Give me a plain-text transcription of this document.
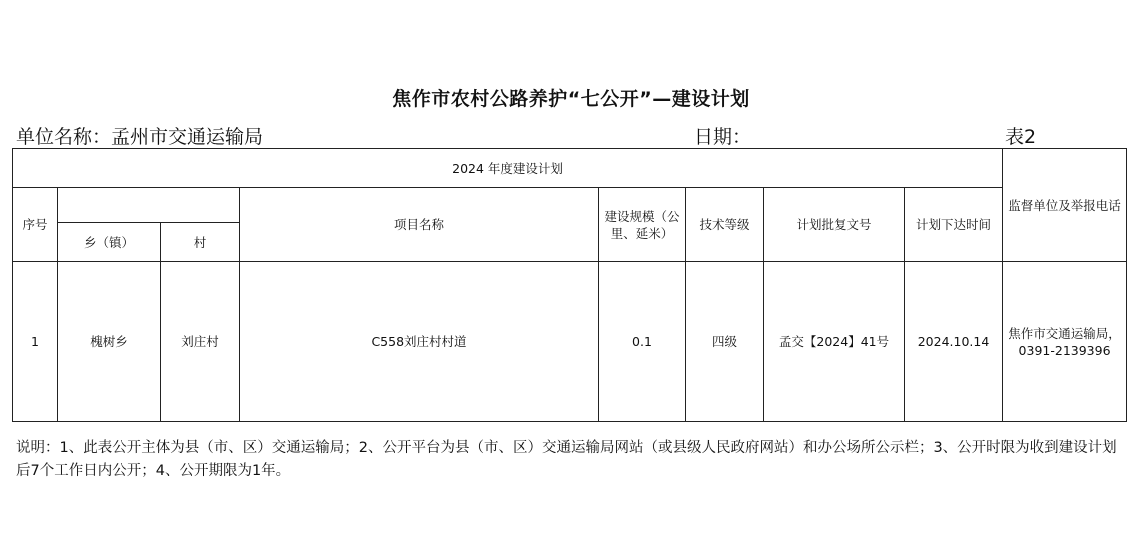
焦作市农村公路养护“七公开”—建设计划
单位名称：孟州市交通运输局	日期：	表2
2024 年度建设计划								监督单位及举报电话
序号			项目名称	建设规模（公里、延米）	技术等级	计划批复文号	计划下达时间	
	乡（镇）	村						
1	槐树乡	刘庄村	C558刘庄村村道	0.1	四级	孟交【2024】41号	2024.10.14	焦作市交通运输局，0391-2139396
说明：1、此表公开主体为县（市、区）交通运输局；2、公开平台为县（市、区）交通运输局网站（或县级人民政府网站）和办公场所公示栏；3、公开时限为收到建设计划后7个工作日内公开；4、公开期限为1年。
